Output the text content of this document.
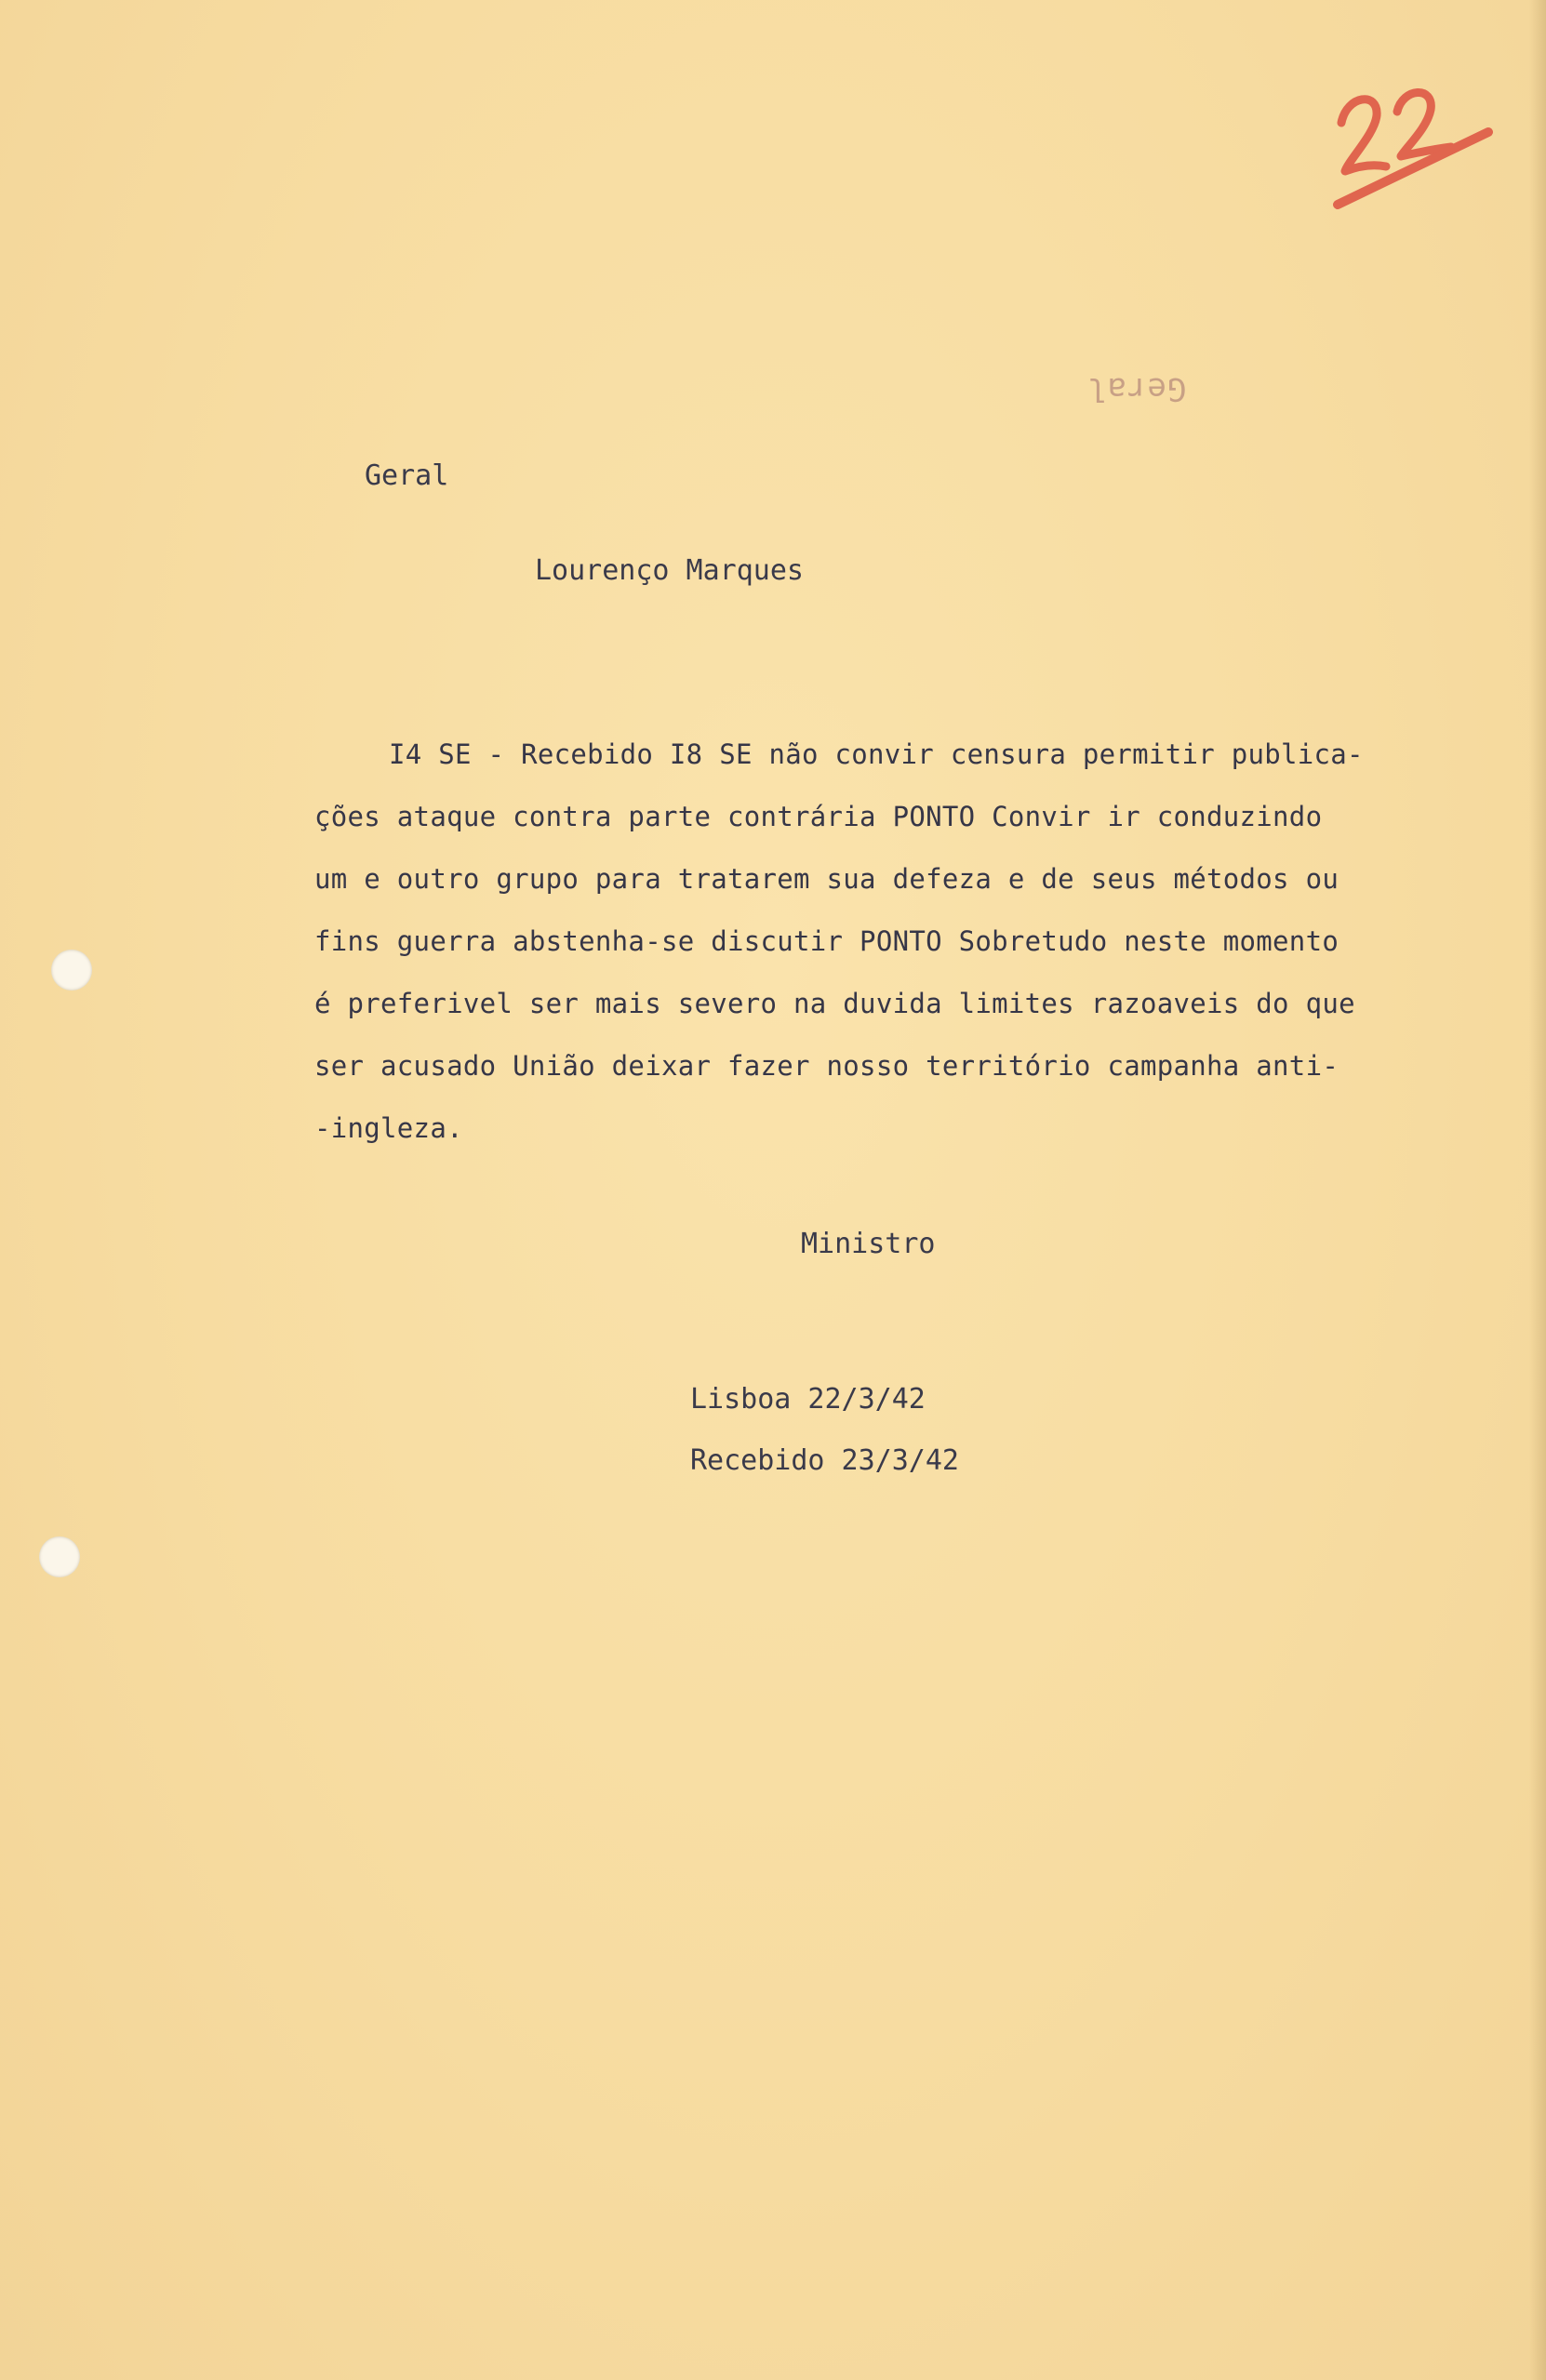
Geral

Geral

Lourenço Marques

I4 SE - Recebido I8 SE não convir censura permitir publica-
ções ataque contra parte contrária PONTO Convir ir conduzindo
um e outro grupo para tratarem sua defeza e de seus métodos ou
fins guerra abstenha-se discutir PONTO Sobretudo neste momento
é preferivel ser mais severo na duvida limites razoaveis do que
ser acusado União deixar fazer nosso território campanha anti-
-ingleza.

Ministro

Lisboa 22/3/42

Recebido 23/3/42
